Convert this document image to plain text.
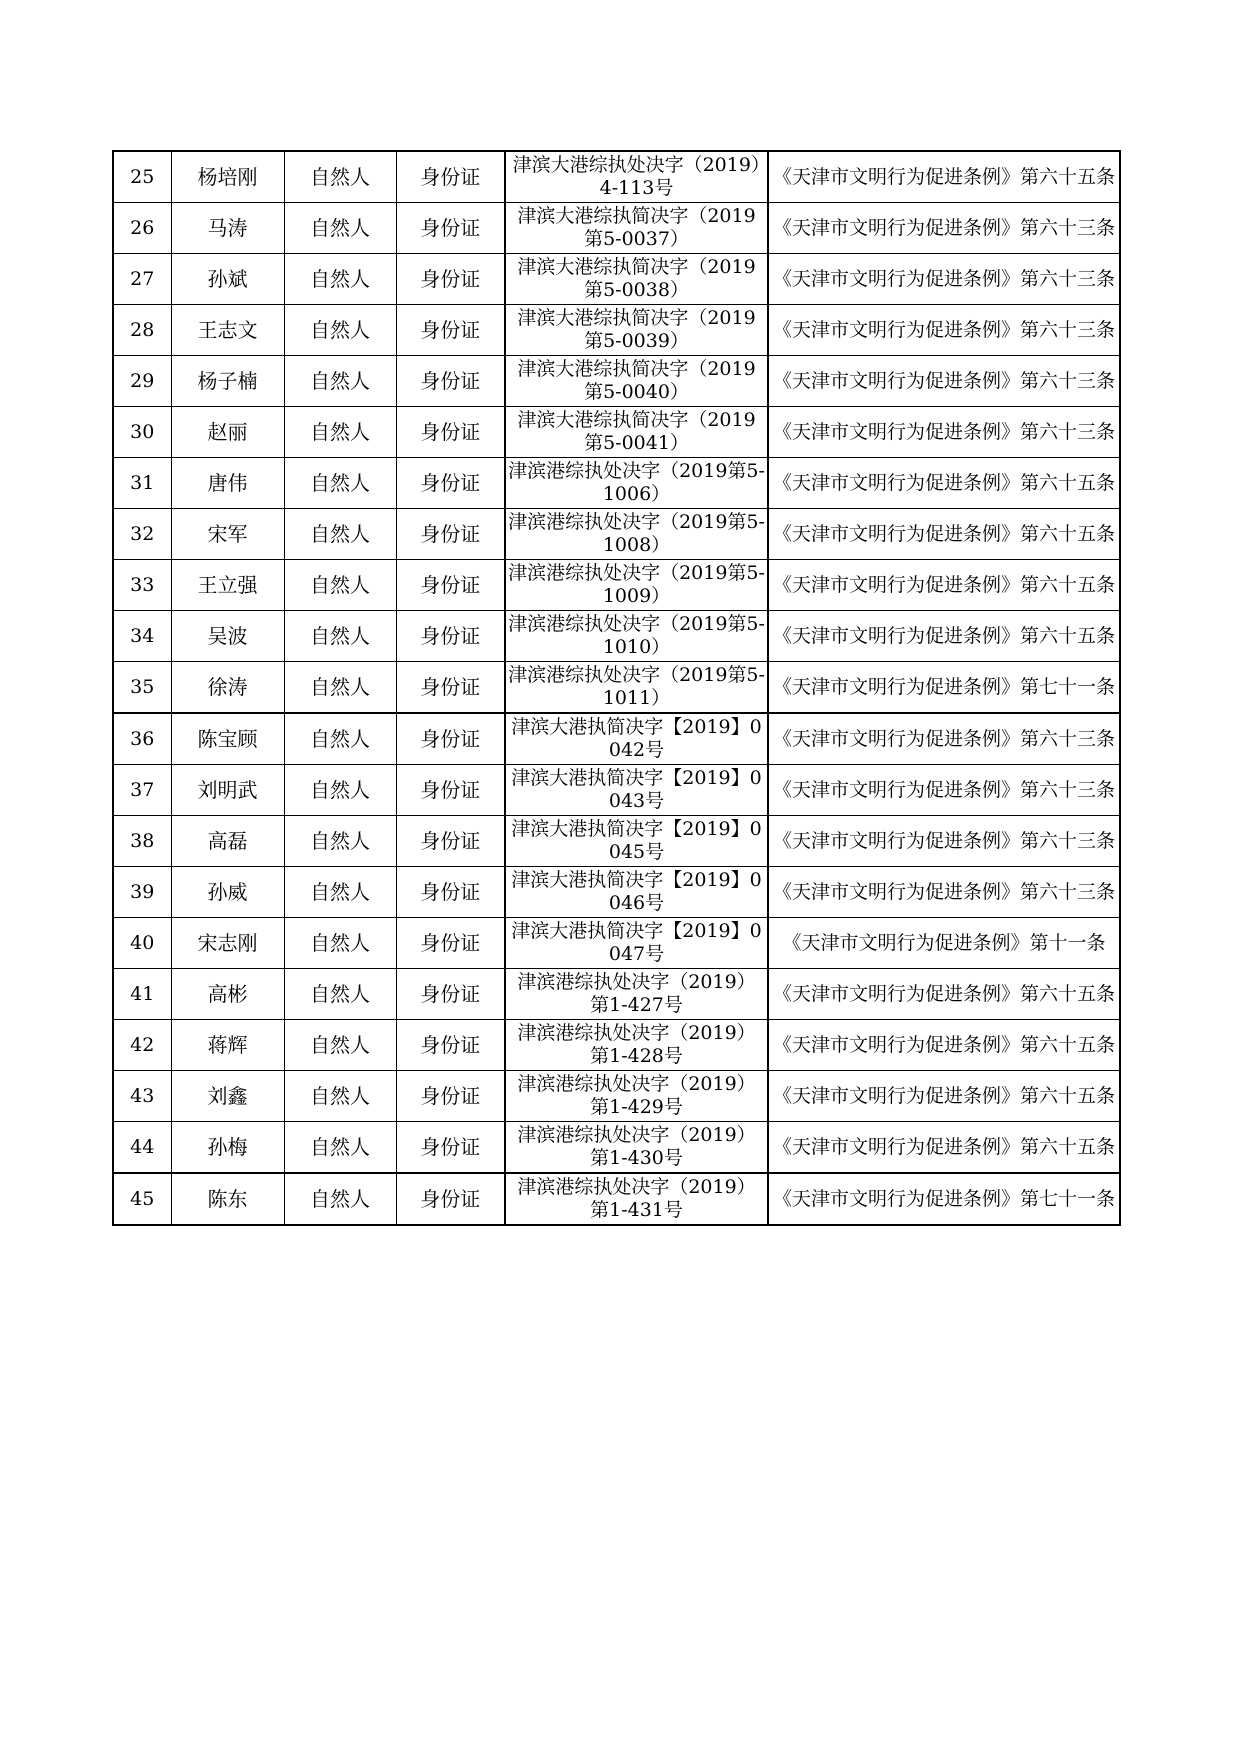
25	杨培刚	自然人	身份证	津滨大港综执处决字（2019）4-113号	《天津市文明行为促进条例》第六十五条
26	马涛	自然人	身份证	津滨大港综执简决字（2019第5-0037）	《天津市文明行为促进条例》第六十三条
27	孙斌	自然人	身份证	津滨大港综执简决字（2019第5-0038）	《天津市文明行为促进条例》第六十三条
28	王志文	自然人	身份证	津滨大港综执简决字（2019第5-0039）	《天津市文明行为促进条例》第六十三条
29	杨子楠	自然人	身份证	津滨大港综执简决字（2019第5-0040）	《天津市文明行为促进条例》第六十三条
30	赵丽	自然人	身份证	津滨大港综执简决字（2019第5-0041）	《天津市文明行为促进条例》第六十三条
31	唐伟	自然人	身份证	津滨港综执处决字（2019第5-1006）	《天津市文明行为促进条例》第六十五条
32	宋军	自然人	身份证	津滨港综执处决字（2019第5-1008）	《天津市文明行为促进条例》第六十五条
33	王立强	自然人	身份证	津滨港综执处决字（2019第5-1009）	《天津市文明行为促进条例》第六十五条
34	吴波	自然人	身份证	津滨港综执处决字（2019第5-1010）	《天津市文明行为促进条例》第六十五条
35	徐涛	自然人	身份证	津滨港综执处决字（2019第5-1011）	《天津市文明行为促进条例》第七十一条
36	陈宝顾	自然人	身份证	津滨大港执简决字【2019】0042号	《天津市文明行为促进条例》第六十三条
37	刘明武	自然人	身份证	津滨大港执简决字【2019】0043号	《天津市文明行为促进条例》第六十三条
38	高磊	自然人	身份证	津滨大港执简决字【2019】0045号	《天津市文明行为促进条例》第六十三条
39	孙威	自然人	身份证	津滨大港执简决字【2019】0046号	《天津市文明行为促进条例》第六十三条
40	宋志刚	自然人	身份证	津滨大港执简决字【2019】0047号	《天津市文明行为促进条例》第十一条
41	高彬	自然人	身份证	津滨港综执处决字（2019）第1-427号	《天津市文明行为促进条例》第六十五条
42	蒋辉	自然人	身份证	津滨港综执处决字（2019）第1-428号	《天津市文明行为促进条例》第六十五条
43	刘鑫	自然人	身份证	津滨港综执处决字（2019）第1-429号	《天津市文明行为促进条例》第六十五条
44	孙梅	自然人	身份证	津滨港综执处决字（2019）第1-430号	《天津市文明行为促进条例》第六十五条
45	陈东	自然人	身份证	津滨港综执处决字（2019）第1-431号	《天津市文明行为促进条例》第七十一条
